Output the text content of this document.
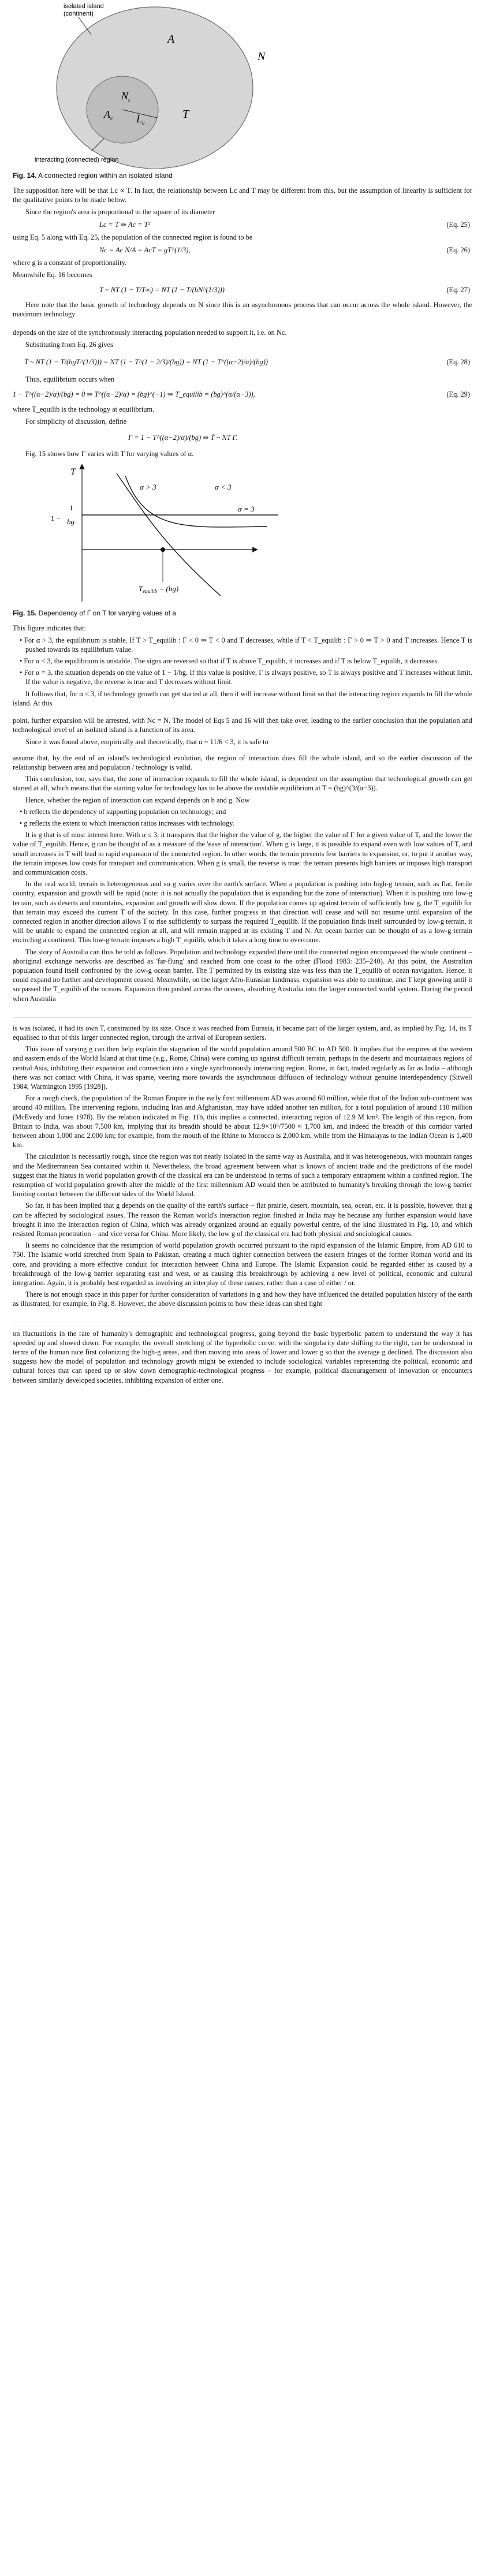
isolated island (continent)
A
N
$N_c$
$A_c$ $L_c$
T
interacting (connected) region
Fig. 14. A connected region within an isolated island

The supposition here will be that Lc ∝ T. In fact, the relationship between Lc and T may be different from this, but the assumption of linearity is sufficient for the qualitative points to be made below.

Since the region's area is proportional to the square of its diameter

Lc = T ⇒ Ac = T²	(Eq. 25)

using Eq. 5 along with Eq. 25, the population of the connected region is found to be

Nc = Ac N/A = AcT = gT^(1/3),	(Eq. 26)

where g is a constant of proportionality.

Meanwhile Eq. 16 becomes

Ṫ ~ NT (1 − T/T∞) = NT (1 − T/(bN^(1/3)))	(Eq. 27)

Here note that the basic growth of technology depends on N since this is an asynchronous process that can occur across the whole island. However, the maximum technology

depends on the size of the synchronously interacting population needed to support it, i.e. on Nc.

Substituting from Eq. 26 gives

Ṫ ~ NT (1 − T/(bgT^(1/3))) = NT (1 − T^(1 − 2/3)/(bg)) = NT (1 − T^((α−2)/α)/(bg))	(Eq. 28)

Thus, equilibrium occurs when

1 − T^((α−2)/α)/(bg) = 0 ⇒ T^((α−2)/α) = (bg)^(−1) ⇒ T_equilib = (bg)^(α/(α−3)),	(Eq. 29)

where T_equilib is the technology at equilibrium.

For simplicity of discussion, define

Γ = 1 − T^((α−2)/α)/(bg) ⇒ Ṫ ~ NT Γ.

Fig. 15 shows how Γ varies with T for varying values of α.

T
1 −
1
bg
α > 3	α < 3
α = 3
$T_{equilib} = (bg)$
Fig. 15. Dependency of Γ on T for varying values of a

This figure indicates that:

• For α > 3, the equilibrium is stable. If T > T_equilib : Γ < 0 ⇒ Ṫ < 0 and T decreases, while if T < T_equilib : Γ > 0 ⇒ Ṫ > 0 and T increases. Hence T is pushed towards its equilibrium value.

• For α < 3, the equilibrium is unstable. The signs are reversed so that if T is above T_equilib, it increases and if T is below T_equilib, it decreases.

• For α = 3, the situation depends on the value of 1 − 1/bg. If this value is positive, Γ is always positive, so Ṫ is always positive and T increases without limit. If the value is negative, the reverse is true and T decreases without limit.

It follows that, for α ≤ 3, if technology growth can get started at all, then it will increase without limit so that the interacting region expands to fill the whole island. At this

point, further expansion will be arrested, with Nc = N. The model of Eqs 5 and 16 will then take over, leading to the earlier conclusion that the population and technological level of an isolated island is a function of its area.

Since it was found above, empirically and theoretically, that α ~ 11/6 < 3, it is safe to

assume that, by the end of an island's technological evolution, the region of interaction does fill the whole island, and so the earlier discussion of the relationship between area and population / technology is valid.

This conclusion, too, says that, the zone of interaction expands to fill the whole island, is dependent on the assumption that technological growth can get started at all, which means that the starting value for technology has to be above the unstable equilibrium at T = (bg)^(3/(α−3)).

Hence, whether the region of interaction can expand depends on b and g. Now

• b reflects the dependency of supporting population on technology; and

• g reflects the extent to which interaction ratios increases with technology.

It is g that is of most interest here. With α ≤ 3, it transpires that the higher the value of g, the higher the value of Γ for a given value of T, and the lower the value of T_equilib. Hence, g can be thought of as a measure of the 'ease of interaction'. When g is large, it is possible to expand even with low values of T, and small increases in T will lead to rapid expansion of the connected region. In other words, the terrain presents few barriers to expansion, or, to put it another way, the terrain imposes low costs for transport and communication. When g is small, the reverse is true: the terrain presents high barriers or imposes high transport and communication costs.

In the real world, terrain is heterogeneous and so g varies over the earth's surface. When a population is pushing into high-g terrain, such as flat, fertile country, expansion and growth will be rapid (note: it is not actually the population that is expanding but the zone of interaction). When it is pushing into low-g terrain, such as deserts and mountains, expansion and growth will slow down. If the population comes up against terrain of sufficiently low g, the T_equilib for that terrain may exceed the current T of the society. In this case, further progress in that direction will cease and will not resume until expansion of the connected region in another direction allows T to rise sufficiently to surpass the required T_equilib. If the population finds itself surrounded by low-g terrain, it will be unable to expand the connected region at all, and will remain trapped at its existing T and N. An ocean barrier can be thought of as a low-g terrain encircling a continent. This low-g terrain imposes a high T_equilib, which it takes a long time to overcome.

The story of Australia can thus be told as follows. Population and technology expanded there until the connected region encompassed the whole continent – aboriginal exchange networks are described as 'far-flung' and reached from one coast to the other (Flood 1983: 235–240). At this point, the Australian population found itself confronted by the low-g ocean barrier. The T permitted by its existing size was less than the T_equilib of ocean navigation. Hence, it could expand no further and development ceased. Meanwhile, on the larger Afro-Eurasian landmass, expansion was able to continue, and T kept growing until it surpassed the T_equilib of the oceans. Expansion then pushed across the oceans, absorbing Australia into the larger connected world system. During the period when Australia

is was isolated, it had its own T, constrained by its size. Once it was reached from Eurasia, it became part of the larger system, and, as implied by Fig. 14, its T equalised to that of this larger connected region, through the arrival of European settlers.

This issue of varying g can then help explain the stagnation of the world population around 500 BC to AD 500. It implies that the empires at the western and eastern ends of the World Island at that time (e.g., Rome, China) were coming up against difficult terrain, perhaps in the deserts and mountainous regions of central Asia, inhibiting their expansion and connection into a single synchronously interacting region. Rome, in fact, traded regularly as far as India – although there was not contact with China, it was sparse, veering more towards the asynchronous diffusion of technology without genuine interdependency (Sitwell 1984; Warmington 1995 [1928]).

For a rough check, the population of the Roman Empire in the early first millennium AD was around 60 million, while that of the Indian sub-continent was around 40 million. The intervening regions, including Iran and Afghanistan, may have added another ten million, for a total population of around 110 million (McEvedy and Jones 1978). By the relation indicated in Fig. 11b, this implies a connected, interacting region of 12.9 M km². The length of this region, from Britain to India, was about 7,500 km, implying that its breadth should be about 12.9×10⁶/7500 ≈ 1,700 km, and indeed the breadth of this corridor varied between about 1,000 and 2,000 km; for example, from the mouth of the Rhine to Morocco is 2,000 km, while from the Himalayas to the Indian Ocean is 1,400 km.

The calculation is necessarily rough, since the region was not neatly isolated in the same way as Australia, and it was heterogeneous, with mountain ranges and the Mediterranean Sea contained within it. Nevertheless, the broad agreement between what is known of ancient trade and the predictions of the model suggest that the hiatus in world population growth of the classical era can be understood in terms of such a temporary entrapment within a confined region. The resumption of world population growth after the middle of the first millennium AD would then be attributed to humanity's breaking through the low-g barrier limiting contact between the different sides of the World Island.

So far, it has been implied that g depends on the quality of the earth's surface – flat prairie, desert, mountain, sea, ocean, etc. It is possible, however, that g can be affected by sociological issues. The reason the Roman world's interaction region finished at India may be because any further expansion would have brought it into the interaction region of China, which was already organized around an equally powerful centre, of the kind illustrated in Fig. 10, and which resisted Roman penetration – and vice versa for China. More likely, the low g of the classical era had both physical and sociological causes.

It seems no coincidence that the resumption of world population growth occurred pursuant to the rapid expansion of the Islamic Empire, from AD 610 to 750. The Islamic world stretched from Spain to Pakistan, creating a much tighter connection between the eastern fringes of the former Roman world and its core, and providing a more effective conduit for interaction between China and Europe. The Islamic Expansion could be regarded either as caused by a breakthrough of the low-g barrier separating east and west, or as causing this breakthrough by achieving a new level of political, economic and cultural integration. Again, it is probably best regarded as involving an interplay of these causes, rather than a case of either / or.

There is not enough space in this paper for further consideration of variations in g and how they have influenced the detailed population history of the earth as illustrated, for example, in Fig. 8. However, the above discussion points to how these ideas can shed light

on fluctuations in the rate of humanity's demographic and technological progress, going beyond the basic hyperbolic pattern to understand the way it has speeded up and slowed down. For example, the overall stretching of the hyperbolic curve, with the singularity date shifting to the right, can be understood in terms of the human race first colonizing the high-g areas, and then moving into areas of lower and lower g so that the average g declined. The discussion also suggests how the model of population and technology growth might be extended to include sociological variables representing the political, economic and cultural forces that can speed up or slow down demographic-technological progress – for example, political discouragement of innovation or encounters between similarly developed societies, inhibiting expansion of either one.
